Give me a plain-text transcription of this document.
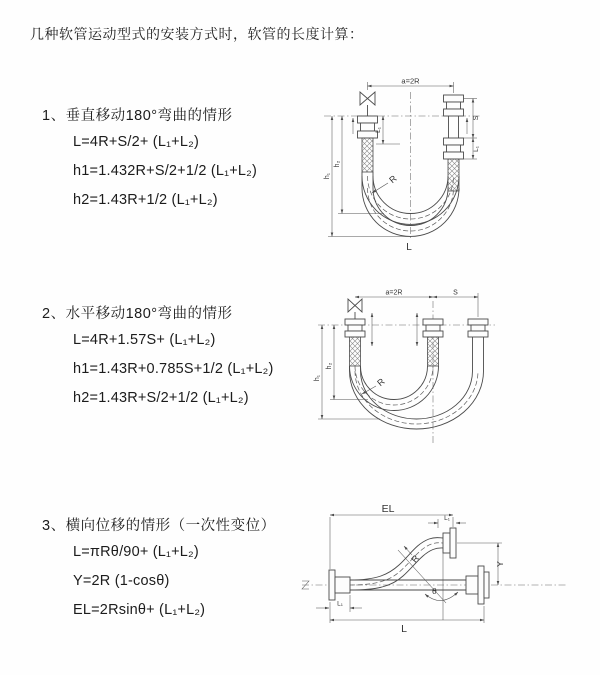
几种软管运动型式的安装方式时，软管的长度计算：
1、垂直移动180°弯曲的情形
L=4R+S/2+ (L₁+L₂)
h1=1.432R+S/2+1/2 (L₁+L₂)
h2=1.43R+1/2 (L₁+L₂)
2、水平移动180°弯曲的情形
L=4R+1.57S+ (L₁+L₂)
h1=1.43R+0.785S+1/2 (L₁+L₂)
h2=1.43R+S/2+1/2 (L₁+L₂)
3、横向位移的情形（一次性变位）
L=πRθ/90+ (L₁+L₂)
Y=2R (1-cosθ)
EL=2Rsinθ+ (L₁+L₂)
a=2R
L₁
S
L₁
h₁
h₂
R
L
a=2R	S
h₁
h₂
R
EL
L₁
θ
R	Y
L₁
L
